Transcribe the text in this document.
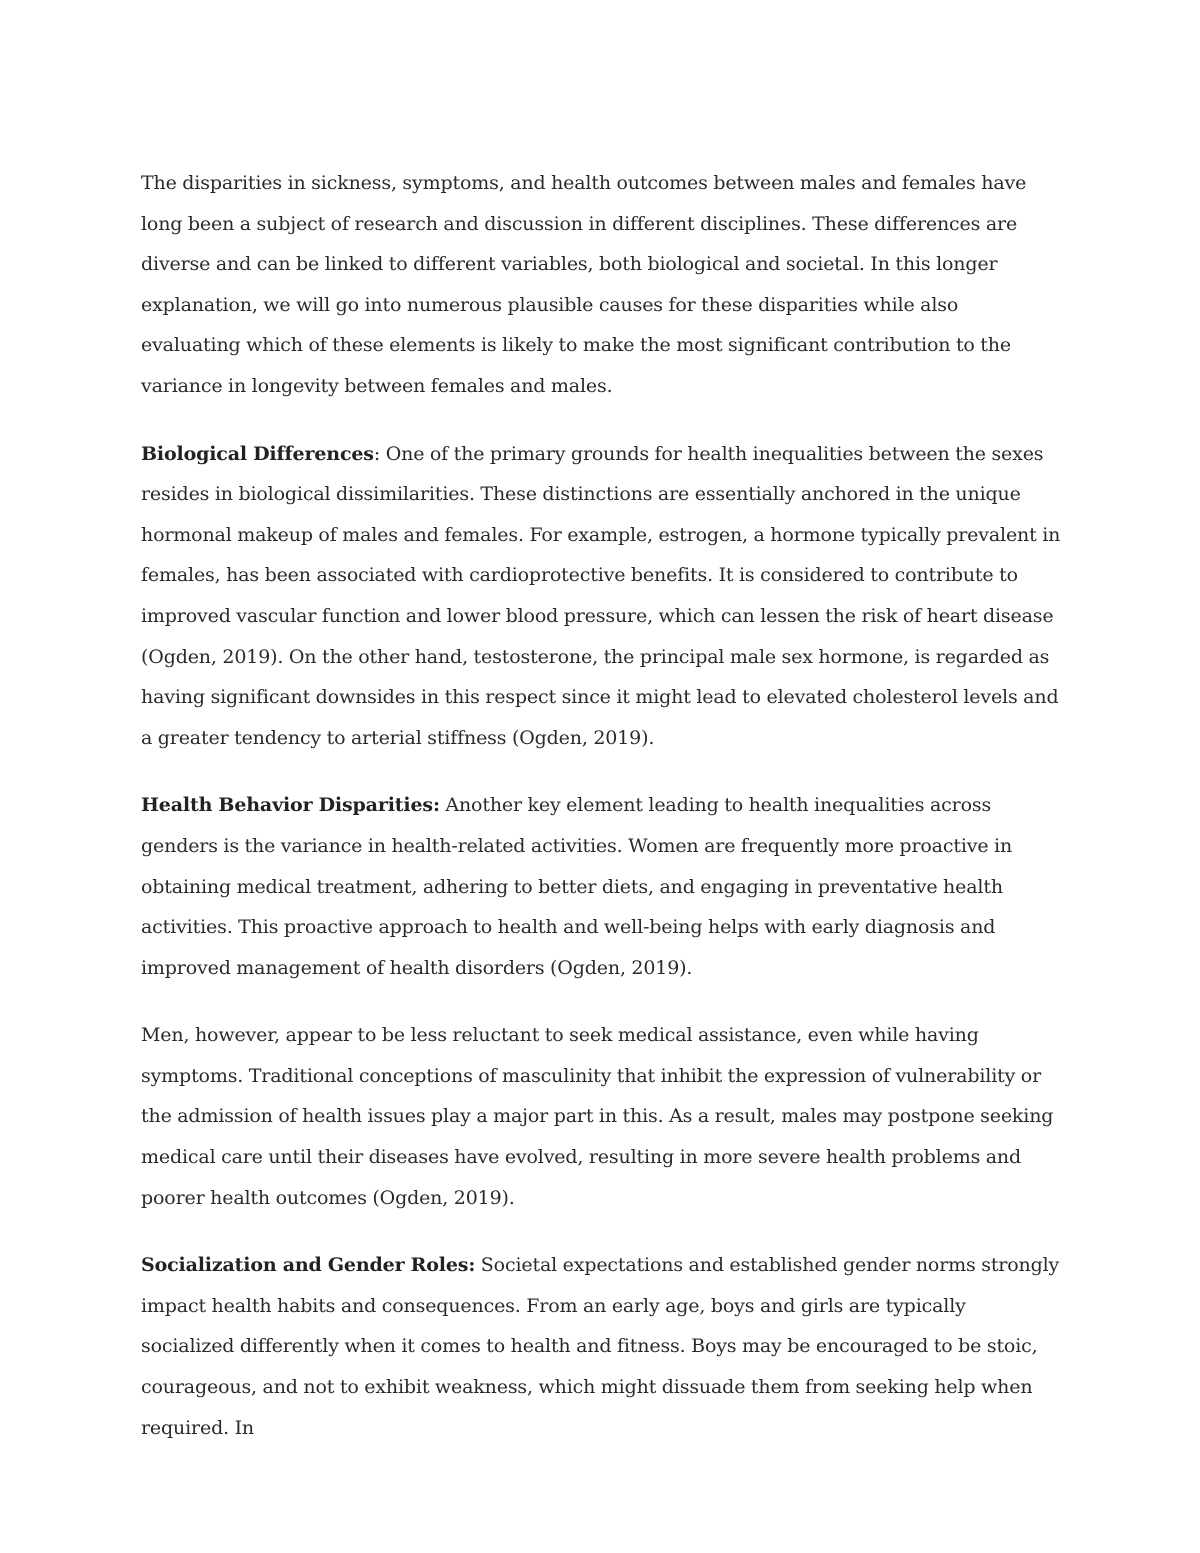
The disparities in sickness, symptoms, and health outcomes between males and females have long been a subject of research and discussion in different disciplines. These differences are diverse and can be linked to different variables, both biological and societal. In this longer explanation, we will go into numerous plausible causes for these disparities while also evaluating which of these elements is likely to make the most significant contribution to the variance in longevity between females and males.

Biological Differences: One of the primary grounds for health inequalities between the sexes resides in biological dissimilarities. These distinctions are essentially anchored in the unique hormonal makeup of males and females. For example, estrogen, a hormone typically prevalent in females, has been associated with cardioprotective benefits. It is considered to contribute to improved vascular function and lower blood pressure, which can lessen the risk of heart disease (Ogden, 2019). On the other hand, testosterone, the principal male sex hormone, is regarded as having significant downsides in this respect since it might lead to elevated cholesterol levels and a greater tendency to arterial stiffness (Ogden, 2019).

Health Behavior Disparities: Another key element leading to health inequalities across genders is the variance in health-related activities. Women are frequently more proactive in obtaining medical treatment, adhering to better diets, and engaging in preventative health activities. This proactive approach to health and well-being helps with early diagnosis and improved management of health disorders (Ogden, 2019).

Men, however, appear to be less reluctant to seek medical assistance, even while having symptoms. Traditional conceptions of masculinity that inhibit the expression of vulnerability or the admission of health issues play a major part in this. As a result, males may postpone seeking medical care until their diseases have evolved, resulting in more severe health problems and poorer health outcomes (Ogden, 2019).

Socialization and Gender Roles: Societal expectations and established gender norms strongly impact health habits and consequences. From an early age, boys and girls are typically socialized differently when it comes to health and fitness. Boys may be encouraged to be stoic, courageous, and not to exhibit weakness, which might dissuade them from seeking help when required. In
